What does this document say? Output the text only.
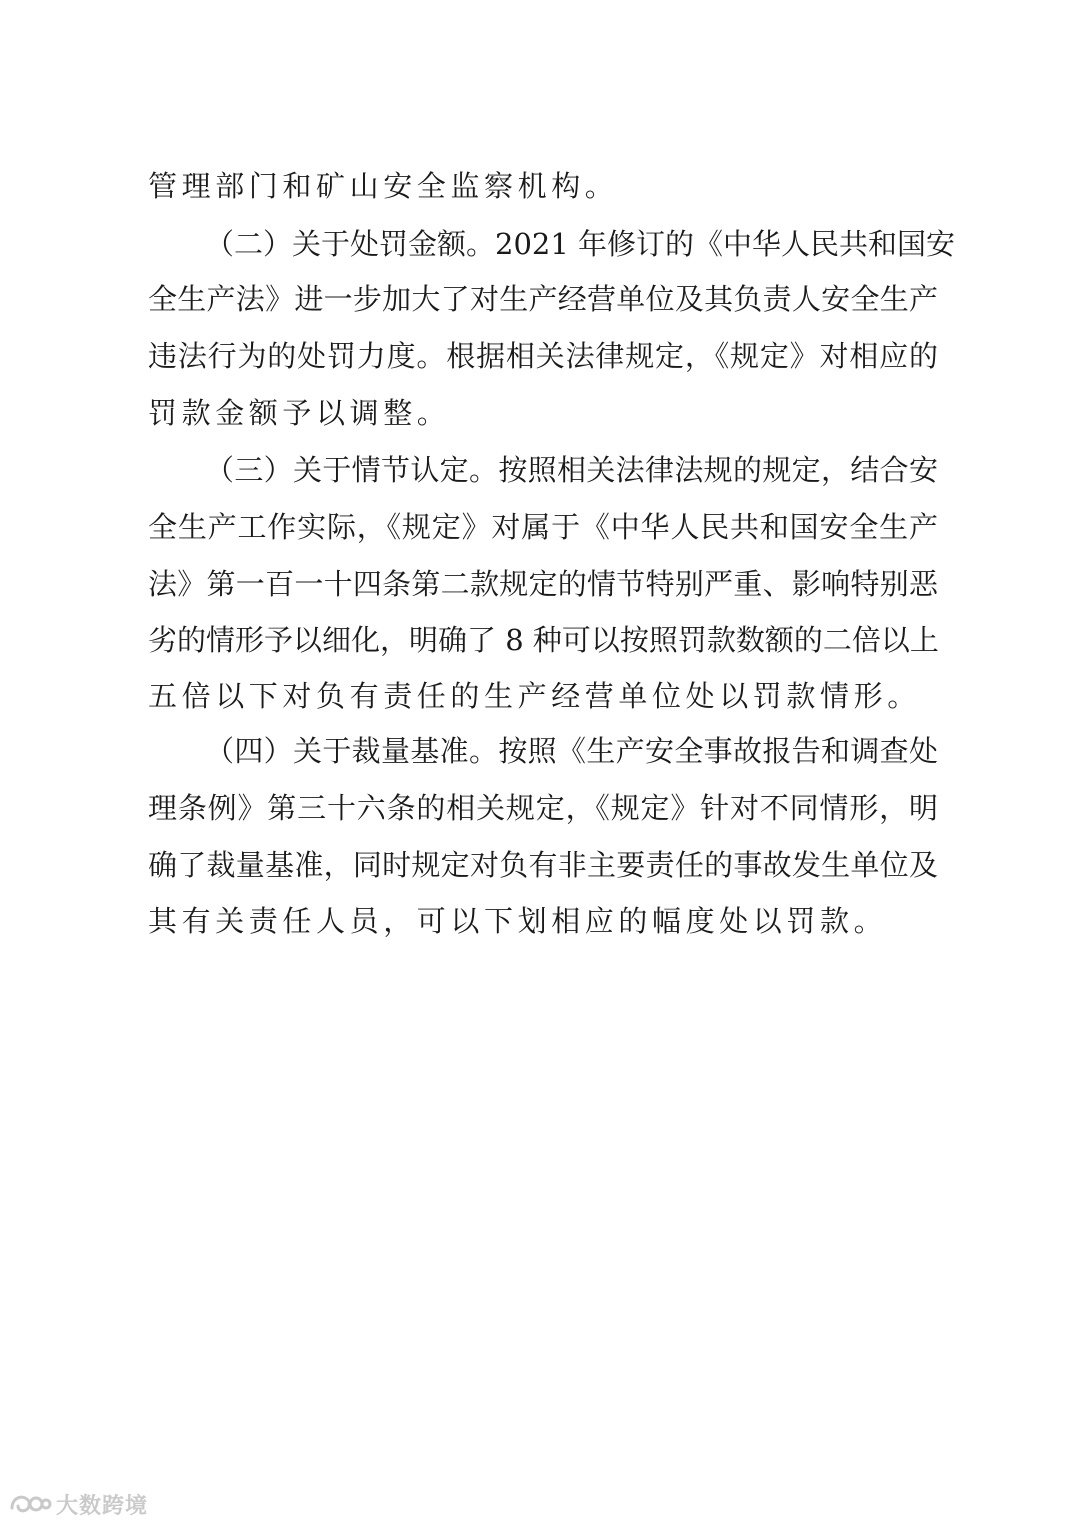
管理部门和矿山安全监察机构。
（二）关于处罚金额。2021 年修订的《中华人民共和国安
全生产法》进一步加大了对生产经营单位及其负责人安全生产
违法行为的处罚力度。根据相关法律规定，《规定》对相应的
罚款金额予以调整。
（三）关于情节认定。按照相关法律法规的规定，结合安
全生产工作实际，《规定》对属于《中华人民共和国安全生产
法》第一百一十四条第二款规定的情节特别严重、影响特别恶
劣的情形予以细化，明确了 8 种可以按照罚款数额的二倍以上
五倍以下对负有责任的生产经营单位处以罚款情形。
（四）关于裁量基准。按照《生产安全事故报告和调查处
理条例》第三十六条的相关规定，《规定》针对不同情形，明
确了裁量基准，同时规定对负有非主要责任的事故发生单位及
其有关责任人员，可以下划相应的幅度处以罚款。
大数跨境
